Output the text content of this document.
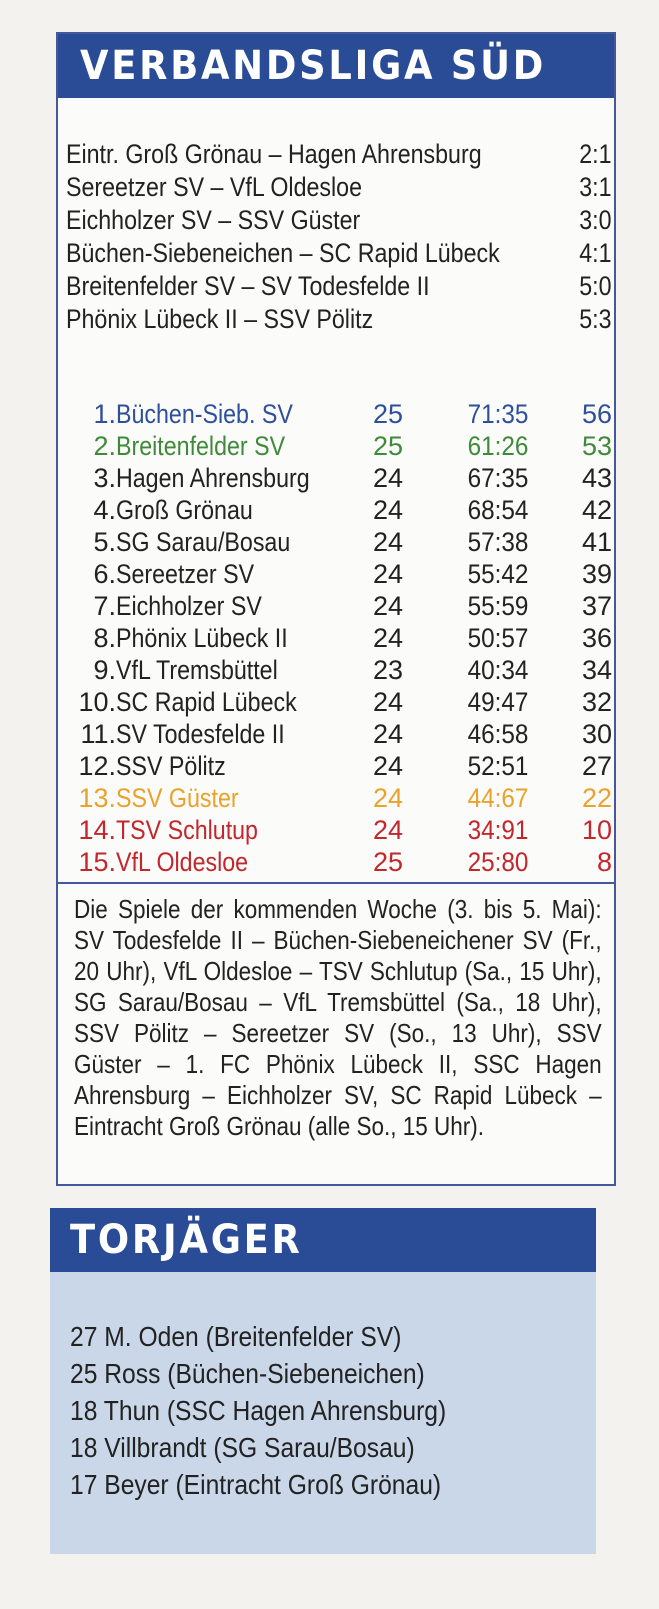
VERBANDSLIGA SÜD
Eintr. Groß Grönau – Hagen Ahrensburg	2:1
Sereetzer SV – VfL Oldesloe	3:1
Eichholzer SV – SSV Güster	3:0
Büchen-Siebeneichen – SC Rapid Lübeck	4:1
Breitenfelder SV – SV Todesfelde II	5:0
Phönix Lübeck II – SSV Pölitz	5:3
1. Büchen-Sieb. SV	25	71:35	56
2. Breitenfelder SV	25	61:26	53
3. Hagen Ahrensburg 24	67:35	43
4. Groß Grönau	24	68:54	42
5. SG Sarau/Bosau	24	57:38	41
6. Sereetzer SV	24	55:42	39
7. Eichholzer SV	24	55:59	37
8. Phönix Lübeck II	24	50:57	36
9. VfL Tremsbüttel	23	40:34	34
10. SC Rapid Lübeck	24	49:47	32
11. SV Todesfelde II	24	46:58	30
12. SSV Pölitz	24	52:51	27
13. SSV Güster	24	44:67	22
14. TSV Schlutup	24	34:91	10
15. VfL Oldesloe	25	25:80	8
Die Spiele der kommenden Woche (3. bis 5. Mai): SV Todesfelde II – Büchen-Siebeneichener SV (Fr., 20 Uhr), VfL Oldesloe – TSV Schlutup (Sa., 15 Uhr), SG Sarau/Bosau – VfL Tremsbüttel (Sa., 18 Uhr), SSV Pölitz – Sereetzer SV (So., 13 Uhr), SSV Güster – 1. FC Phönix Lübeck II, SSC Hagen Ahrensburg – Eichholzer SV, SC Rapid Lübeck – Eintracht Groß Grönau (alle So., 15 Uhr).
TORJÄGER
27 M. Oden (Breitenfelder SV)
25 Ross (Büchen-Siebeneichen)
18 Thun (SSC Hagen Ahrensburg)
18 Villbrandt (SG Sarau/Bosau)
17 Beyer (Eintracht Groß Grönau)
